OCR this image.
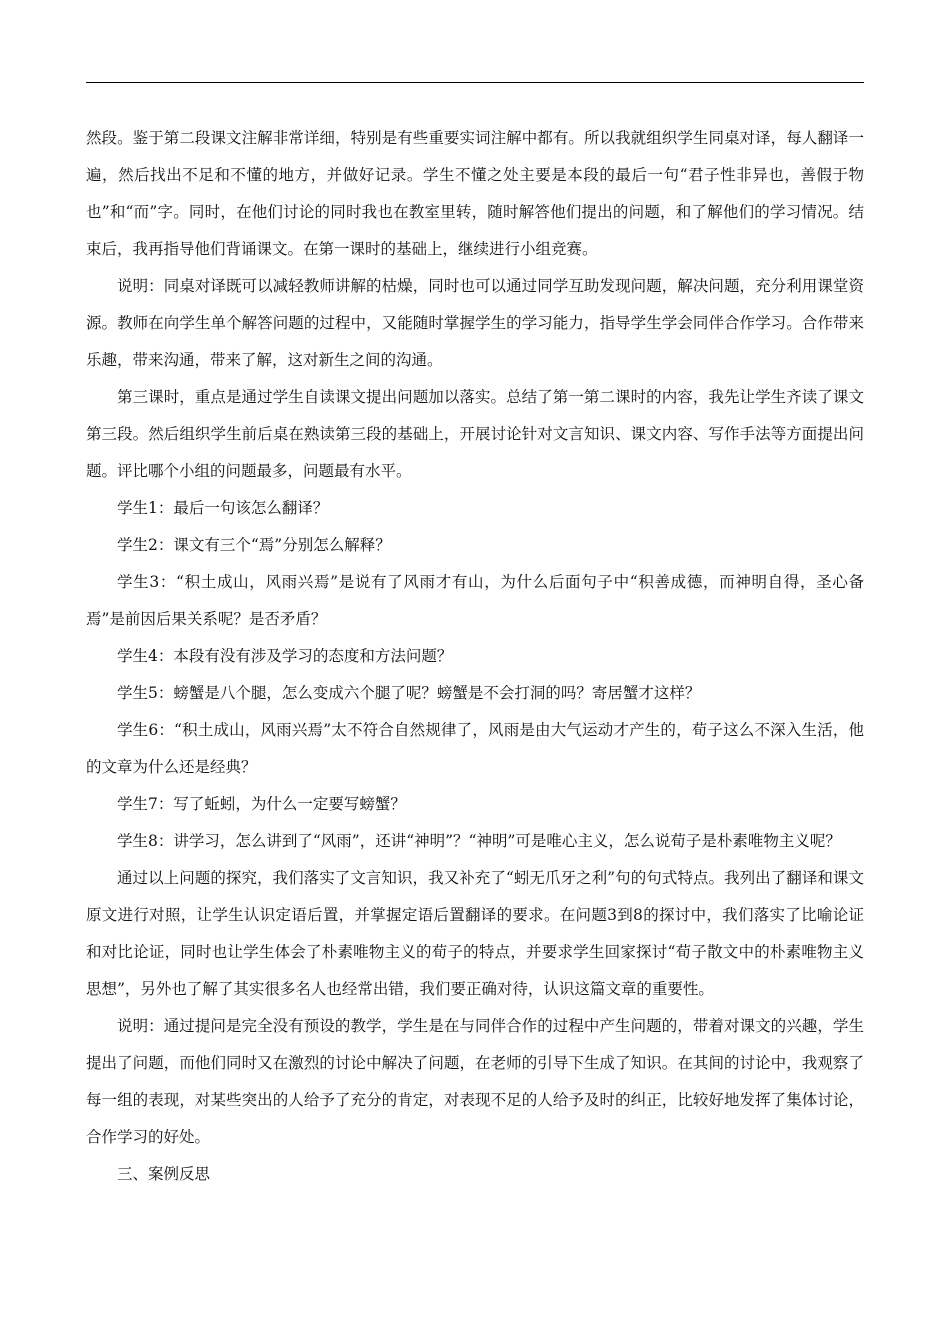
然段。鉴于第二段课文注解非常详细，特别是有些重要实词注解中都有。所以我就组织学生同桌对译，每人翻译一遍，然后找出不足和不懂的地方，并做好记录。学生不懂之处主要是本段的最后一句“君子性非异也，善假于物也”和“而”字。同时，在他们讨论的同时我也在教室里转，随时解答他们提出的问题，和了解他们的学习情况。结束后，我再指导他们背诵课文。在第一课时的基础上，继续进行小组竞赛。

说明：同桌对译既可以减轻教师讲解的枯燥，同时也可以通过同学互助发现问题，解决问题，充分利用课堂资源。教师在向学生单个解答问题的过程中，又能随时掌握学生的学习能力，指导学生学会同伴合作学习。合作带来乐趣，带来沟通，带来了解，这对新生之间的沟通。

第三课时，重点是通过学生自读课文提出问题加以落实。总结了第一第二课时的内容，我先让学生齐读了课文第三段。然后组织学生前后桌在熟读第三段的基础上，开展讨论针对文言知识、课文内容、写作手法等方面提出问题。评比哪个小组的问题最多，问题最有水平。

学生1：最后一句该怎么翻译？

学生2：课文有三个“焉”分别怎么解释？

学生3：“积土成山，风雨兴焉”是说有了风雨才有山，为什么后面句子中“积善成德，而神明自得，圣心备焉”是前因后果关系呢？是否矛盾？

学生4：本段有没有涉及学习的态度和方法问题？

学生5：螃蟹是八个腿，怎么变成六个腿了呢？螃蟹是不会打洞的吗？寄居蟹才这样？

学生6：“积土成山，风雨兴焉”太不符合自然规律了，风雨是由大气运动才产生的，荀子这么不深入生活，他的文章为什么还是经典？

学生7：写了蚯蚓，为什么一定要写螃蟹？

学生8：讲学习，怎么讲到了“风雨”，还讲“神明”？“神明”可是唯心主义，怎么说荀子是朴素唯物主义呢？

通过以上问题的探究，我们落实了文言知识，我又补充了“蚓无爪牙之利”句的句式特点。我列出了翻译和课文原文进行对照，让学生认识定语后置，并掌握定语后置翻译的要求。在问题3到8的探讨中，我们落实了比喻论证和对比论证，同时也让学生体会了朴素唯物主义的荀子的特点，并要求学生回家探讨“荀子散文中的朴素唯物主义思想”，另外也了解了其实很多名人也经常出错，我们要正确对待，认识这篇文章的重要性。

说明：通过提问是完全没有预设的教学，学生是在与同伴合作的过程中产生问题的，带着对课文的兴趣，学生提出了问题，而他们同时又在激烈的讨论中解决了问题，在老师的引导下生成了知识。在其间的讨论中，我观察了每一组的表现，对某些突出的人给予了充分的肯定，对表现不足的人给予及时的纠正，比较好地发挥了集体讨论，合作学习的好处。

三、案例反思
